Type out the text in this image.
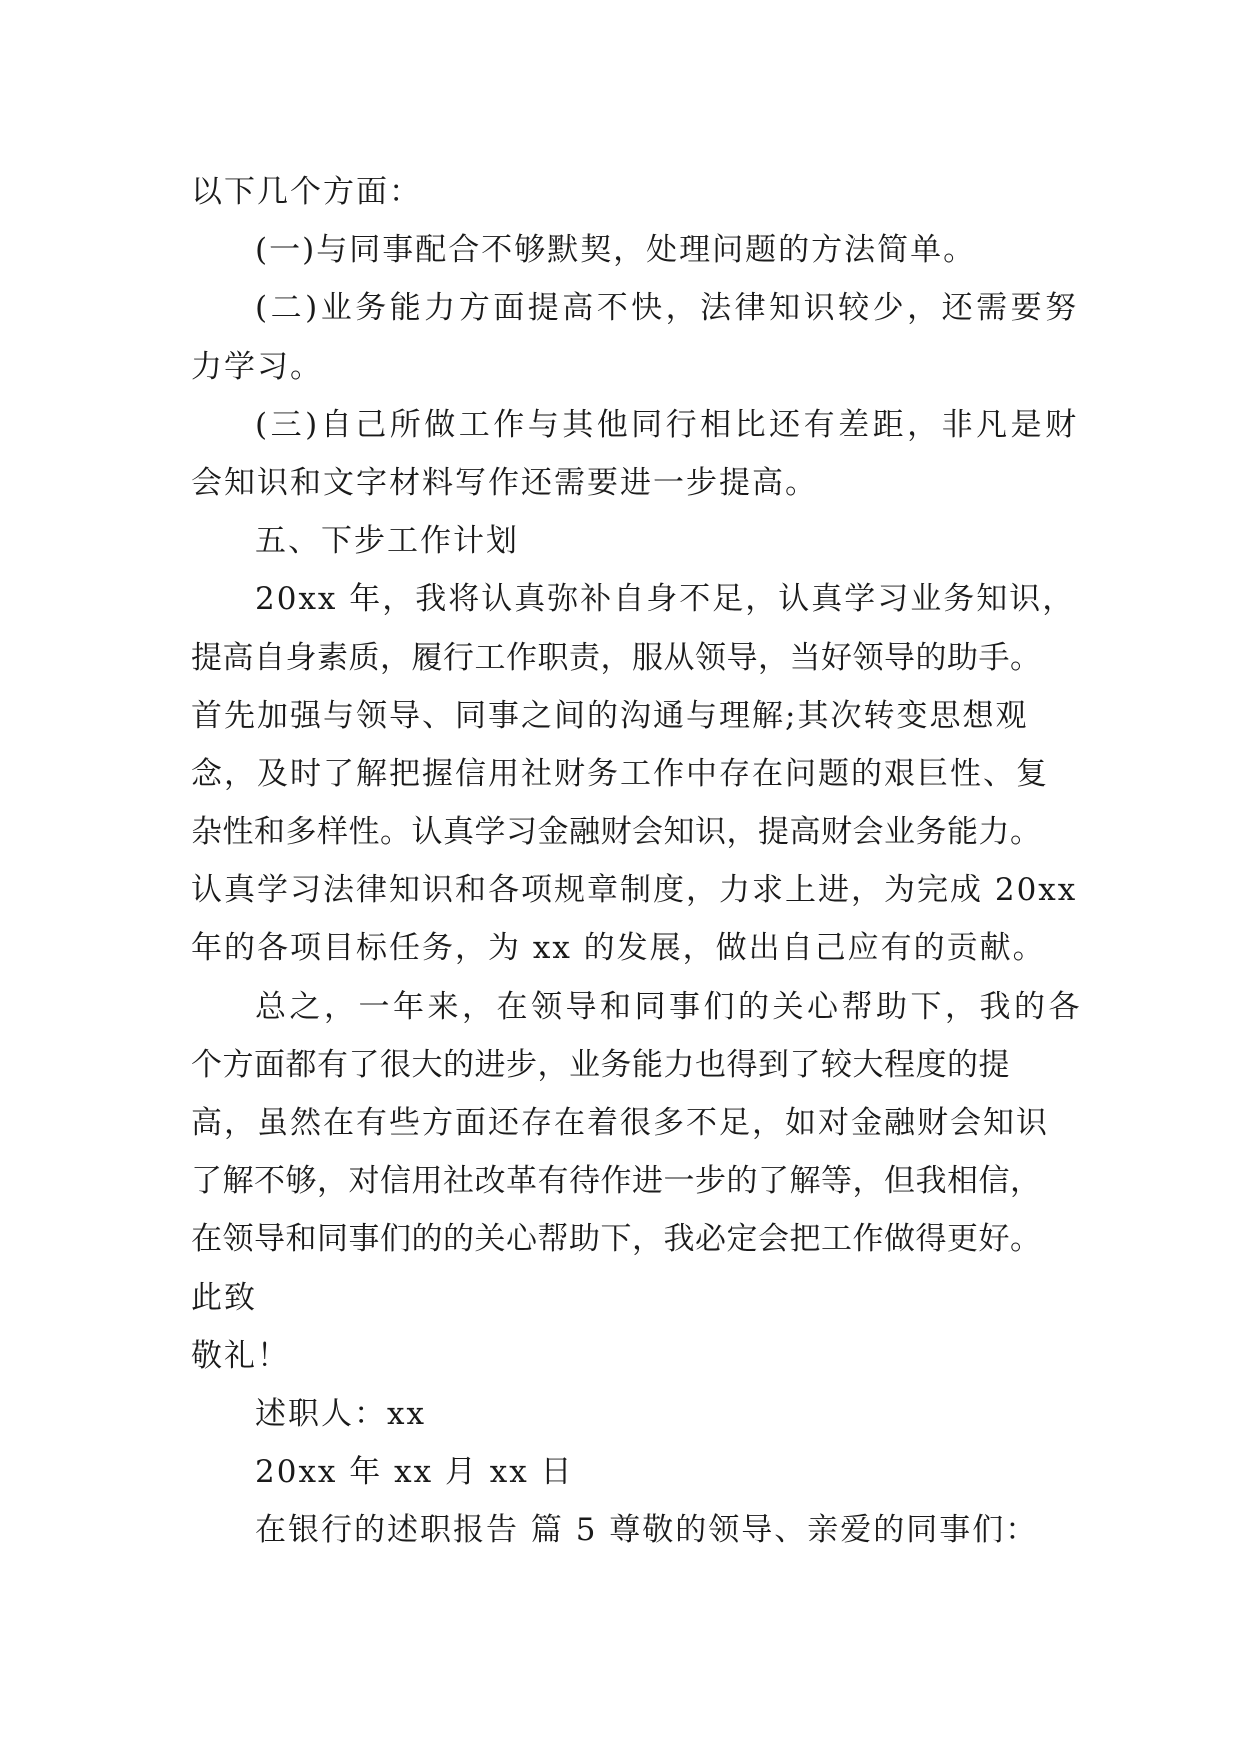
以下几个方面：
(一)与同事配合不够默契，处理问题的方法简单。
(二)业务能力方面提高不快，法律知识较少，还需要努
力学习。
(三)自己所做工作与其他同行相比还有差距，非凡是财
会知识和文字材料写作还需要进一步提高。
五、下步工作计划
20xx 年，我将认真弥补自身不足，认真学习业务知识，
提高自身素质，履行工作职责，服从领导，当好领导的助手。
首先加强与领导、同事之间的沟通与理解;其次转变思想观
念，及时了解把握信用社财务工作中存在问题的艰巨性、复
杂性和多样性。认真学习金融财会知识，提高财会业务能力。
认真学习法律知识和各项规章制度，力求上进，为完成 20xx
年的各项目标任务，为 xx 的发展，做出自己应有的贡献。
总之，一年来，在领导和同事们的关心帮助下，我的各
个方面都有了很大的进步，业务能力也得到了较大程度的提
高，虽然在有些方面还存在着很多不足，如对金融财会知识
了解不够，对信用社改革有待作进一步的了解等，但我相信，
在领导和同事们的的关心帮助下，我必定会把工作做得更好。
此致
敬礼！
述职人：xx
20xx 年 xx 月 xx 日
在银行的述职报告 篇 5 尊敬的领导、亲爱的同事们：
